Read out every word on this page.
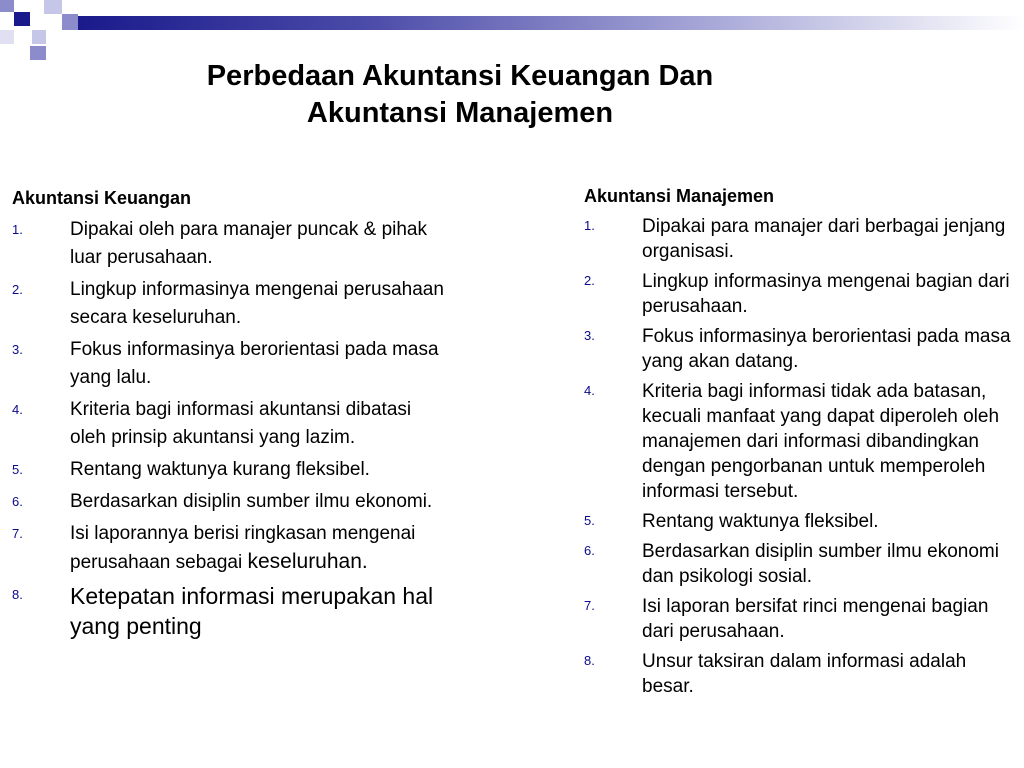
Perbedaan Akuntansi Keuangan Dan
Akuntansi Manajemen
Akuntansi Keuangan
1.	Dipakai oleh para manajer puncak & pihak luar perusahaan.
2.	Lingkup informasinya mengenai perusahaan secara keseluruhan.
3.	Fokus informasinya berorientasi pada masa yang lalu.
4.	Kriteria bagi informasi akuntansi dibatasi oleh prinsip akuntansi yang lazim.
5.	Rentang waktunya kurang fleksibel.
6.	Berdasarkan disiplin sumber ilmu ekonomi.
7.	Isi laporannya berisi ringkasan mengenai perusahaan sebagai keseluruhan.
8.	Ketepatan informasi merupakan hal yang penting
Akuntansi Manajemen
1.	Dipakai para manajer dari berbagai jenjang organisasi.
2.	Lingkup informasinya mengenai bagian dari perusahaan.
3.	Fokus informasinya berorientasi pada masa yang akan datang.
4.	Kriteria bagi informasi tidak ada batasan, kecuali manfaat yang dapat diperoleh oleh manajemen dari informasi dibandingkan dengan pengorbanan untuk memperoleh informasi tersebut.
5.	Rentang waktunya fleksibel.
6.	Berdasarkan disiplin sumber ilmu ekonomi dan psikologi sosial.
7.	Isi laporan bersifat rinci mengenai bagian dari perusahaan.
8.	Unsur taksiran dalam informasi adalah besar.
